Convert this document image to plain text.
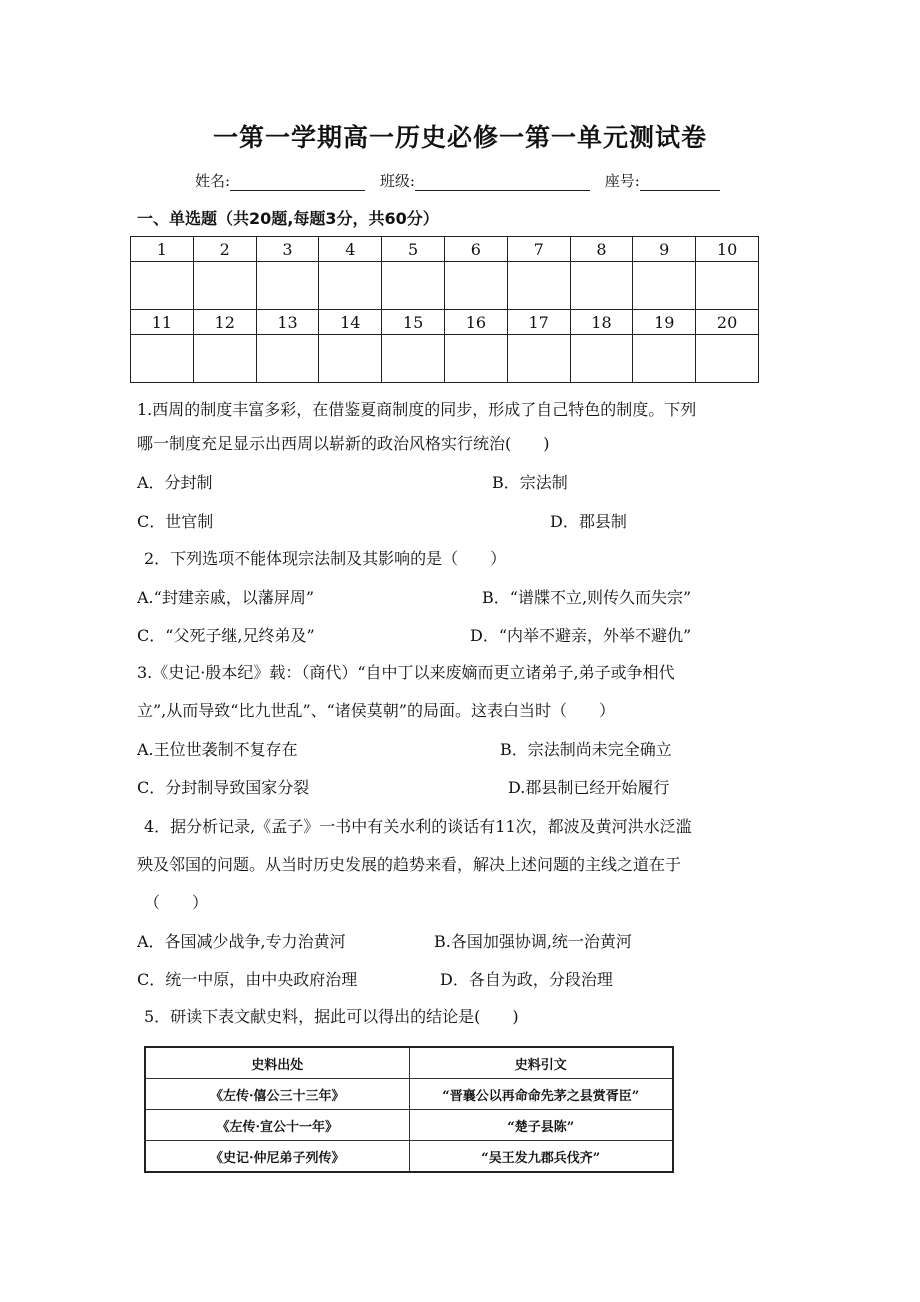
一第一学期高一历史必修一第一单元测试卷
姓名:	班级:	座号:
一、单选题（共20题,每题3分，共60分）
1	2	3	4	5	6	7	8	9	10

11	12	13	14	15	16	17	18	19	20

1.西周的制度丰富多彩，在借鉴夏商制度的同步，形成了自己特色的制度。下列
哪一制度充足显示出西周以崭新的政治风格实行统治(　　)
A．分封制	B．宗法制
C．世官制	D．郡县制
2．下列选项不能体现宗法制及其影响的是（　　）
A.“封建亲戚，以藩屏周”	B．“谱牒不立,则传久而失宗”
C．“父死子继,兄终弟及”	D．“内举不避亲，外举不避仇”
3.《史记·殷本纪》载：（商代）“自中丁以来废嫡而更立诸弟子,弟子或争相代
立”,从而导致“比九世乱”、“诸侯莫朝”的局面。这表白当时（　　）
A.王位世袭制不复存在	B．宗法制尚未完全确立
C．分封制导致国家分裂	D.郡县制已经开始履行
4．据分析记录,《孟子》一书中有关水利的谈话有11次，都波及黄河洪水泛滥
殃及邻国的问题。从当时历史发展的趋势来看，解决上述问题的主线之道在于
（　　）
A．各国减少战争,专力治黄河	B.各国加强协调,统一治黄河
C．统一中原，由中央政府治理	D．各自为政，分段治理
5．研读下表文献史料，据此可以得出的结论是(　　)
史料出处	史料引文
《左传·僖公三十三年》	“晋襄公以再命命先茅之县赏胥臣”
《左传·宣公十一年》	“楚子县陈”
《史记·仲尼弟子列传》	“吴王发九郡兵伐齐”
